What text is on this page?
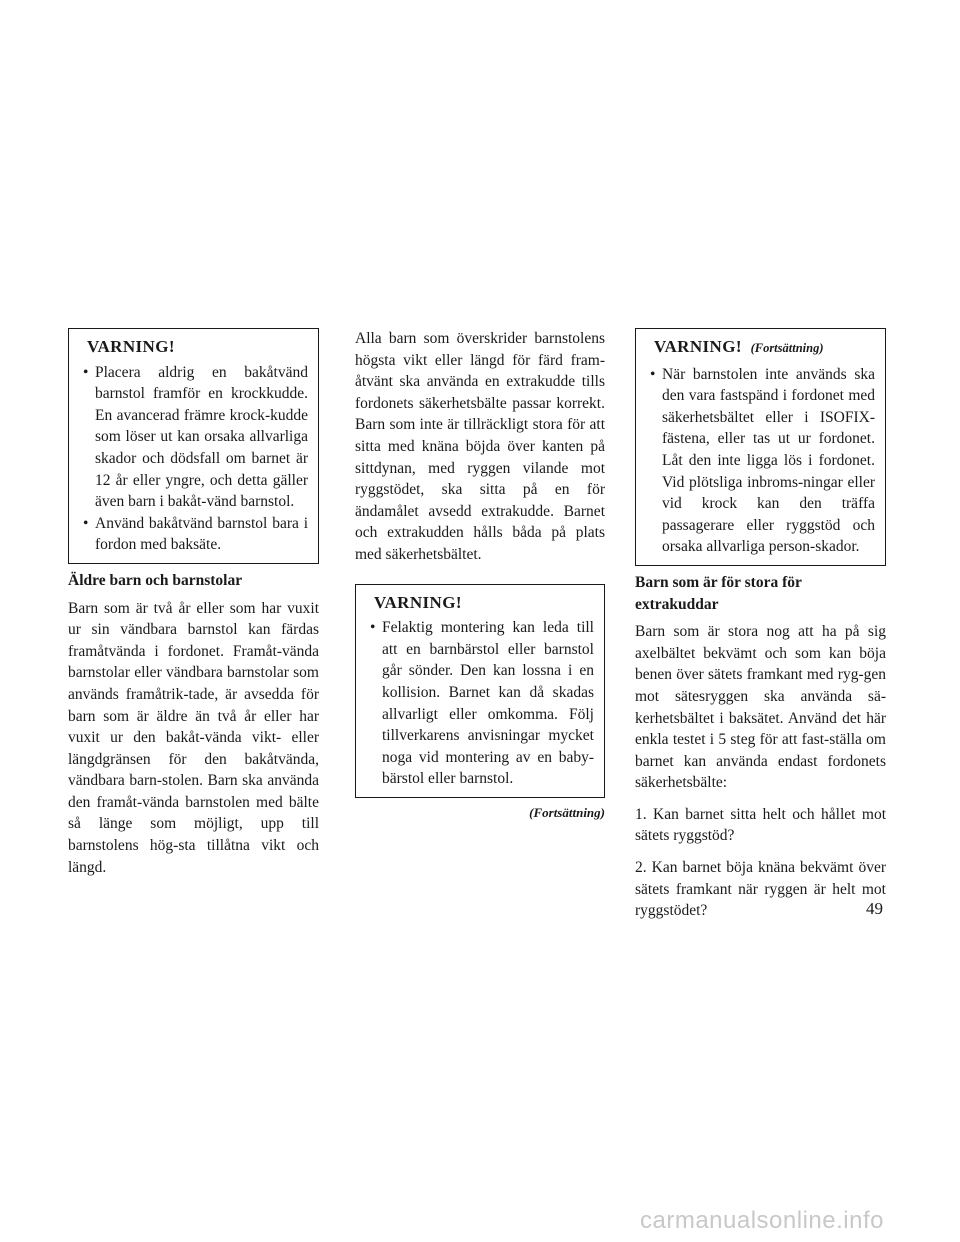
VARNING!
• Placera aldrig en bakåtvänd barnstol framför en krockkudde. En avancerad främre krock-kudde som löser ut kan orsaka allvarliga skador och dödsfall om barnet är 12 år eller yngre, och detta gäller även barn i bakåt-vänd barnstol.
• Använd bakåtvänd barnstol bara i fordon med baksäte.
Äldre barn och barnstolar

Barn som är två år eller som har vuxit ur sin vändbara barnstol kan färdas framåtvända i fordonet. Framåt-vända barnstolar eller vändbara barnstolar som används framåtrik-tade, är avsedda för barn som är äldre än två år eller har vuxit ur den bakåt-vända vikt- eller längdgränsen för den bakåtvända, vändbara barn-stolen. Barn ska använda den framåt-vända barnstolen med bälte så länge som möjligt, upp till barnstolens hög-sta tillåtna vikt och längd.

Alla barn som överskrider barnstolens högsta vikt eller längd för färd fram-åtvänt ska använda en extrakudde tills fordonets säkerhetsbälte passar korrekt. Barn som inte är tillräckligt stora för att sitta med knäna böjda över kanten på sittdynan, med ryggen vilande mot ryggstödet, ska sitta på en för ändamålet avsedd extrakudde. Barnet och extrakudden hålls båda på plats med säkerhetsbältet.

VARNING!
• Felaktig montering kan leda till att en barnbärstol eller barnstol går sönder. Den kan lossna i en kollision. Barnet kan då skadas allvarligt eller omkomma. Följ tillverkarens anvisningar mycket noga vid montering av en baby-bärstol eller barnstol.
(Fortsättning)
VARNING! (Fortsättning)
• När barnstolen inte används ska den vara fastspänd i fordonet med säkerhetsbältet eller i ISOFIX-fästena, eller tas ut ur fordonet. Låt den inte ligga lös i fordonet. Vid plötsliga inbroms-ningar eller vid krock kan den träffa passagerare eller ryggstöd och orsaka allvarliga person-skador.
Barn som är för stora för extrakuddar

Barn som är stora nog att ha på sig axelbältet bekvämt och som kan böja benen över sätets framkant med ryg-gen mot sätesryggen ska använda sä-kerhetsbältet i baksätet. Använd det här enkla testet i 5 steg för att fast-ställa om barnet kan använda endast fordonets säkerhetsbälte:

1. Kan barnet sitta helt och hållet mot sätets ryggstöd?

2. Kan barnet böja knäna bekvämt över sätets framkant när ryggen är helt mot ryggstödet?	49
carmanualsonline.info
